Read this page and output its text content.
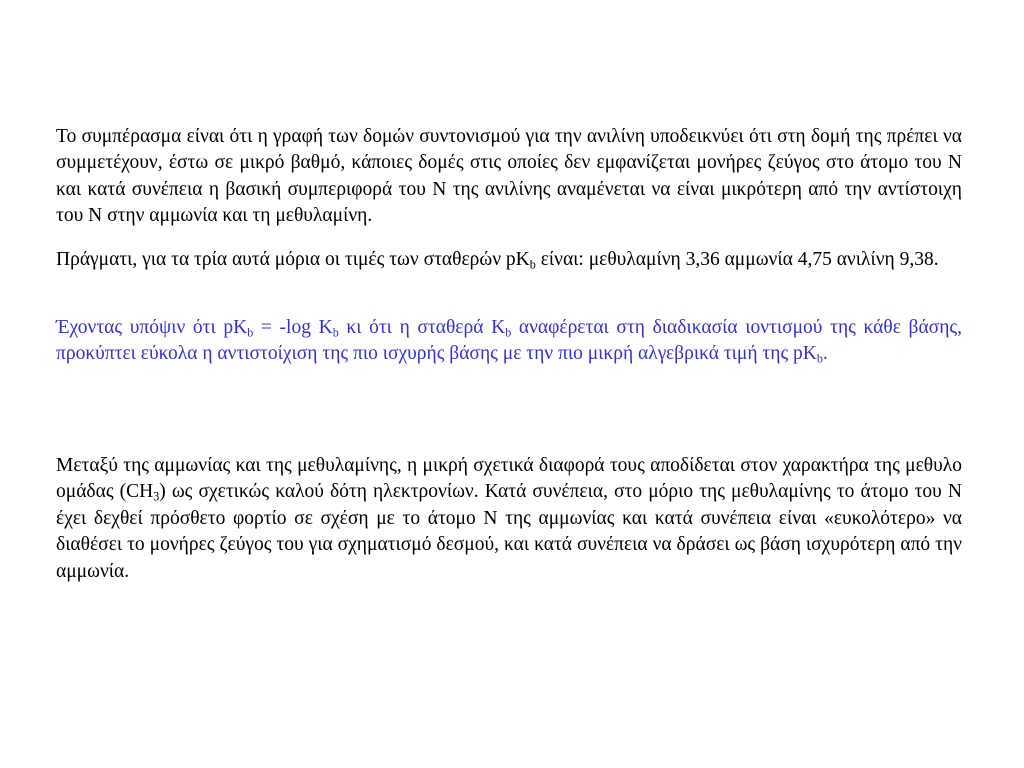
Το συμπέρασμα είναι ότι η γραφή των δομών συντονισμού για την ανιλίνη υποδεικνύει ότι στη δομή της πρέπει να συμμετέχουν, έστω σε μικρό βαθμό, κάποιες δομές στις οποίες δεν εμφανίζεται μονήρες ζεύγος στο άτομο του N και κατά συνέπεια η βασική συμπεριφορά του N της ανιλίνης αναμένεται να είναι μικρότερη από την αντίστοιχη του N στην αμμωνία και τη μεθυλαμίνη.

Πράγματι, για τα τρία αυτά μόρια οι τιμές των σταθερών $pK_b$ είναι: μεθυλαμίνη 3,36 αμμωνία 4,75 ανιλίνη 9,38.

Έχοντας υπόψιν ότι $pK_b = -\log$ $K_b$ κι ότι η σταθερά $K_b$ αναφέρεται στη διαδικασία ιοντισμού της κάθε βάσης, προκύπτει εύκολα η αντιστοίχιση της πιο ισχυρής βάσης με την πιο μικρή αλγεβρικά τιμή της $pK_b$.

Μεταξύ της αμμωνίας και της μεθυλαμίνης, η μικρή σχετικά διαφορά τους αποδίδεται στον χαρακτήρα της μεθυλο ομάδας $(CH_3)$ ως σχετικώς καλού δότη ηλεκτρονίων. Κατά συνέπεια, στο μόριο της μεθυλαμίνης το άτομο του N έχει δεχθεί πρόσθετο φορτίο σε σχέση με το άτομο N της αμμωνίας και κατά συνέπεια είναι «ευκολότερο» να διαθέσει το μονήρες ζεύγος του για σχηματισμό δεσμού, και κατά συνέπεια να δράσει ως βάση ισχυρότερη από την αμμωνία.
